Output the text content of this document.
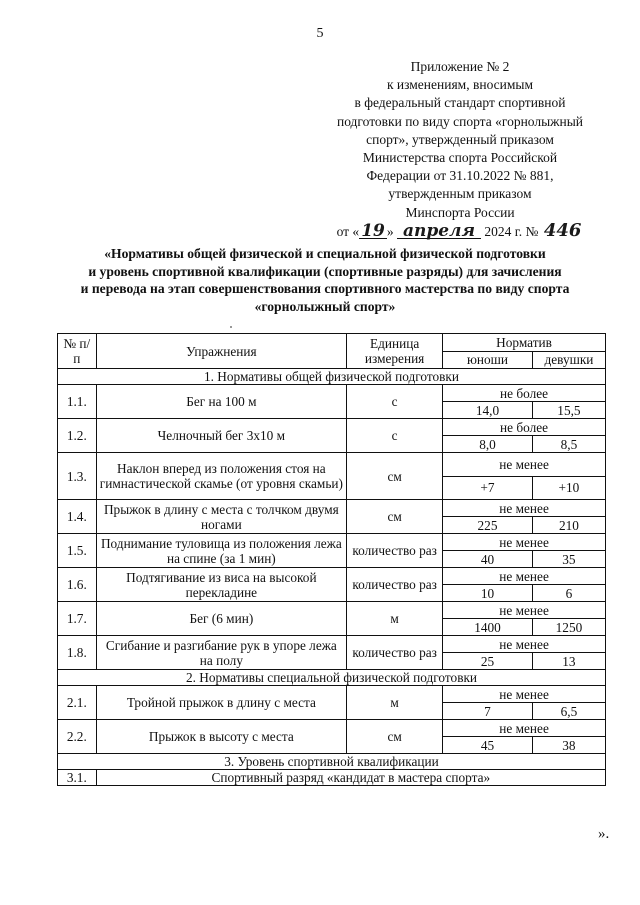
5
Приложение № 2
к изменениям, вносимым
в федеральный стандарт спортивной
подготовки по виду спорта «горнолыжный
спорт», утвержденный приказом
Министерства спорта Российской
Федерации от 31.10.2022 № 881,
утвержденным приказом
Минспорта России
от « 19 » апреля 2024 г. № 446
«Нормативы общей физической и специальной физической подготовки
и уровень спортивной квалификации (спортивные разряды) для зачисления
и перевода на этап совершенствования спортивного мастерства по виду спорта
«горнолыжный спорт»
№ п/п	Упражнения	Единица измерения	Норматив	
			юноши	девушки
1. Нормативы общей физической подготовки				
1.1.	Бег на 100 м	с	не более	
			14,0	15,5
1.2.	Челночный бег 3х10 м	с	не более	
			8,0	8,5
1.3.	Наклон вперед из положения стоя на гимнастической скамье (от уровня скамьи)	см	не менее	
			+7	+10
1.4.	Прыжок в длину с места с толчком двумя ногами	см	не менее	
			225	210
1.5.	Поднимание туловища из положения лежа на спине (за 1 мин)	количество раз	не менее	
			40	35
1.6.	Подтягивание из виса на высокой перекладине	количество раз	не менее	
			10	6
1.7.	Бег (6 мин)	м	не менее	
			1400	1250
1.8.	Сгибание и разгибание рук в упоре лежа на полу	количество раз	не менее	
			25	13
2. Нормативы специальной физической подготовки				
2.1.	Тройной прыжок в длину с места	м	не менее	
			7	6,5
2.2.	Прыжок в высоту с места	см	не менее	
			45	38
3. Уровень спортивной квалификации				
3.1.	Спортивный разряд «кандидат в мастера спорта»			
».
